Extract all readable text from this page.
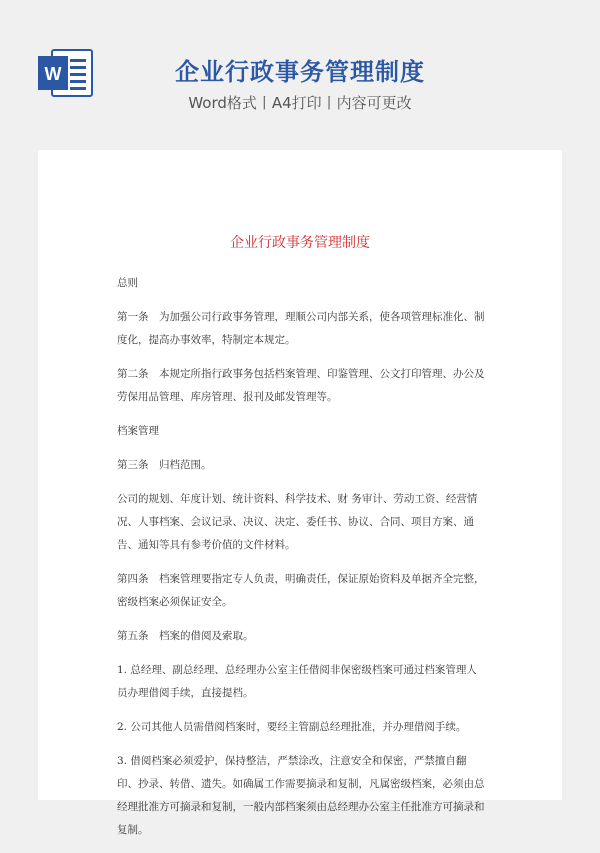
W	企业行政事务管理制度
Word格式丨A4打印丨内容可更改
企业行政事务管理制度

总则

第一条　为加强公司行政事务管理，理顺公司内部关系，使各项管理标准化、制度化，提高办事效率，特制定本规定。

第二条　本规定所指行政事务包括档案管理、印鉴管理、公文打印管理、办公及劳保用品管理、库房管理、报刊及邮发管理等。

档案管理

第三条　归档范围。

公司的规划、年度计划、统计资料、科学技术、财 务审计、劳动工资、经营情况、人事档案、会议记录、决议、决定、委任书、协议、合同、项目方案、通告、通知等具有参考价值的文件材料。

第四条　档案管理要指定专人负责，明确责任，保证原始资料及单据齐全完整，密级档案必须保证安全。

第五条　档案的借阅及索取。

1. 总经理、副总经理、总经理办公室主任借阅非保密级档案可通过档案管理人员办理借阅手续，直接提档。

2. 公司其他人员需借阅档案时，要经主管副总经理批准，并办理借阅手续。

3. 借阅档案必须爱护，保持整洁，严禁涂改，注意安全和保密，严禁擅自翻印、抄录、转借、遗失。如确属工作需要摘录和复制，凡属密级档案，必须由总经理批准方可摘录和复制，一般内部档案须由总经理办公室主任批准方可摘录和复制。
